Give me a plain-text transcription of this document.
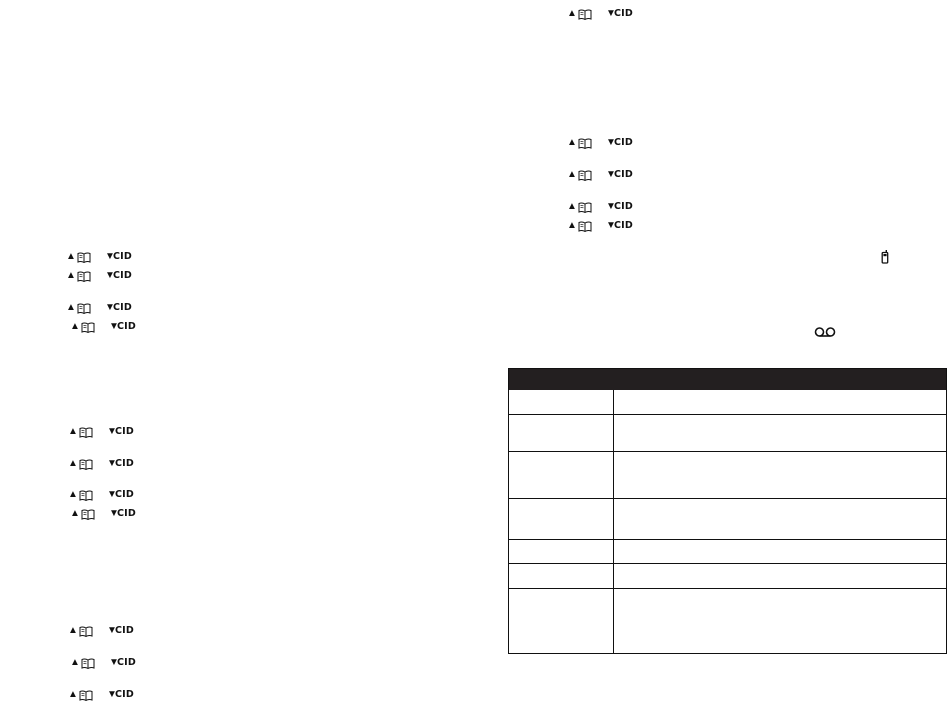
▲	▼
CID
▲	▼
CID
▲	▼
CID
▲	▼
CID
▲	▼
CID
▲	▼
CID
▲	▼
CID
▲	▼
CID
▲	▼
CID
▲	▼
CID
▲	▼
CID
▲	▼
CID
▲	▼
CID
▲	▼
CID
▲	▼
CID
▲	▼
CID
